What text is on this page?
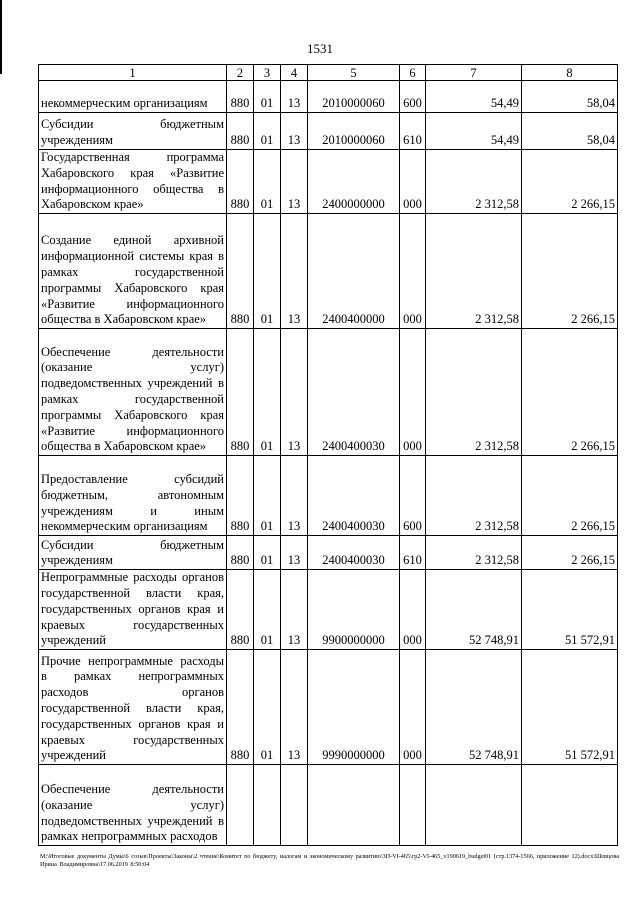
1531
1	2	3	4	5	6	7	8
некоммерческим организациям	880	01	13	2010000060	600	54,49	58,04
Субсидии бюджетным учреждениям	880	01	13	2010000060	610	54,49	58,04
Государственная программа Хабаровского края «Развитие информационного общества в Хабаровском крае»	880	01	13	2400000000	000	2 312,58	2 266,15
Создание единой архивной информационной системы края в рамках государственной программы Хабаровского края «Развитие информационного общества в Хабаровском крае»	880	01	13	2400400000	000	2 312,58	2 266,15
Обеспечение деятельности (оказание услуг) подведомственных учреждений в рамках государственной программы Хабаровского края «Развитие информационного общества в Хабаровском крае»	880	01	13	2400400030	000	2 312,58	2 266,15
Предоставление субсидий бюджетным, автономным учреждениям и иным некоммерческим организациям	880	01	13	2400400030	600	2 312,58	2 266,15
Субсидии бюджетным учреждениям	880	01	13	2400400030	610	2 312,58	2 266,15
Непрограммные расходы органов государственной власти края, государственных органов края и краевых государственных учреждений	880	01	13	9900000000	000	52 748,91	51 572,91
Прочие непрограммные расходы в рамках непрограммных расходов органов государственной власти края, государственных органов края и краевых государственных учреждений	880	01	13	9990000000	000	52 748,91	51 572,91
Обеспечение деятельности (оказание услуг) подведомственных учреждений в рамках непрограммных расходов							
M:\Итоговые документы Думы\6 созыв\Проекты\Законы\2 чтение\Комитет по бюджету, налогам и экономическому развитию\3П-VI-465\гр2-VI-465_v190619_budget01 (стр.1374-1566, приложение 12).docx\Шевцова Ирина Владимировна\17.06.2019 8:50:04
